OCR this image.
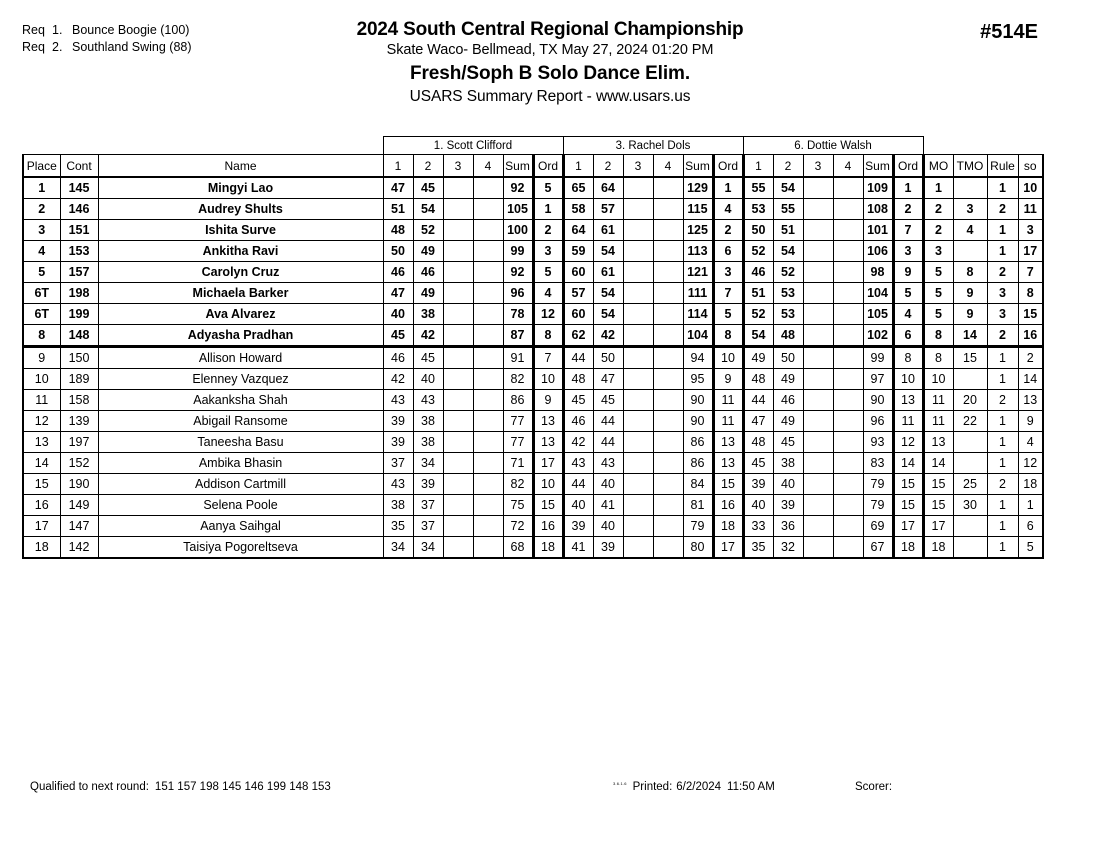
Req 1. Bounce Boogie (100)
Req 2. Southland Swing (88)
2024 South Central Regional Championship
Skate Waco- Bellmead, TX May 27, 2024 01:20 PM
Fresh/Soph B Solo Dance Elim.
USARS Summary Report - www.usars.us
#514E
			1. Scott Clifford						3. Rachel Dols						6. Dottie Walsh									
Place	Cont	Name	1	2	3	4	Sum	Ord	1	2	3	4	Sum	Ord	1	2	3	4	Sum	Ord	MO	TMO	Rule	so
1	145	Mingyi Lao	47	45			92	5	65	64			129	1	55	54			109	1	1		1	10
2	146	Audrey Shults	51	54			105	1	58	57			115	4	53	55			108	2	2	3	2	11
3	151	Ishita Surve	48	52			100	2	64	61			125	2	50	51			101	7	2	4	1	3
4	153	Ankitha Ravi	50	49			99	3	59	54			113	6	52	54			106	3	3		1	17
5	157	Carolyn Cruz	46	46			92	5	60	61			121	3	46	52			98	9	5	8	2	7
6T	198	Michaela Barker	47	49			96	4	57	54			111	7	51	53			104	5	5	9	3	8
6T	199	Ava Alvarez	40	38			78	12	60	54			114	5	52	53			105	4	5	9	3	15
8	148	Adyasha Pradhan	45	42			87	8	62	42			104	8	54	48			102	6	8	14	2	16
9	150	Allison Howard	46	45			91	7	44	50			94	10	49	50			99	8	8	15	1	2
10	189	Elenney Vazquez	42	40			82	10	48	47			95	9	48	49			97	10	10		1	14
11	158	Aakanksha Shah	43	43			86	9	45	45			90	11	44	46			90	13	11	20	2	13
12	139	Abigail Ransome	39	38			77	13	46	44			90	11	47	49			96	11	11	22	1	9
13	197	Taneesha Basu	39	38			77	13	42	44			86	13	48	45			93	12	13		1	4
14	152	Ambika Bhasin	37	34			71	17	43	43			86	13	45	38			83	14	14		1	12
15	190	Addison Cartmill	43	39			82	10	44	40			84	15	39	40			79	15	15	25	2	18
16	149	Selena Poole	38	37			75	15	40	41			81	16	40	39			79	15	15	30	1	1
17	147	Aanya Saihgal	35	37			72	16	39	40			79	18	33	36			69	17	17		1	6
18	142	Taisiya Pogoreltseva	34	34			68	18	41	39			80	17	35	32			67	18	18		1	5
Qualified to next round: 151 157 198 145 146 199 148 153	$^{3.6.1.6}$ Printed: 6/2/2024 11:50 AM	Scorer:
